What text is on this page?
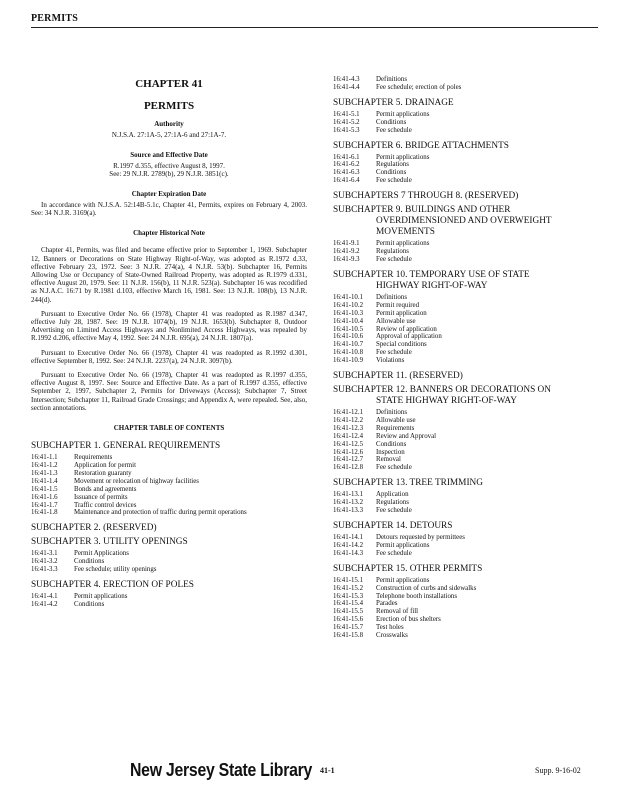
PERMITS

CHAPTER 41

PERMITS

Authority

N.J.S.A. 27:1A-5, 27:1A-6 and 27:1A-7.

Source and Effective Date

R.1997 d.355, effective August 8, 1997.

See: 29 N.J.R. 2789(b), 29 N.J.R. 3851(c).

Chapter Expiration Date

In accordance with N.J.S.A. 52:14B-5.1c, Chapter 41, Permits, expires on February 4, 2003. See: 34 N.J.R. 3169(a).

Chapter Historical Note

Chapter 41, Permits, was filed and became effective prior to September 1, 1969. Subchapter 12, Banners or Decorations on State Highway Right-of-Way, was adopted as R.1972 d.33, effective February 23, 1972. See: 3 N.J.R. 274(a), 4 N.J.R. 53(b). Subchapter 16, Permits Allowing Use or Occupancy of State-Owned Railroad Property, was adopted as R.1979 d.331, effective August 20, 1979. See: 11 N.J.R. 156(b), 11 N.J.R. 523(a). Subchapter 16 was recodified as N.J.A.C. 16:71 by R.1981 d.103, effective March 16, 1981. See: 13 N.J.R. 108(b), 13 N.J.R. 244(d).

Pursuant to Executive Order No. 66 (1978), Chapter 41 was readopted as R.1987 d.347, effective July 28, 1987. See: 19 N.J.R. 1074(b), 19 N.J.R. 1653(b). Subchapter 8, Outdoor Advertising on Limited Access Highways and Nonlimited Access Highways, was repealed by R.1992 d.206, effective May 4, 1992. See: 24 N.J.R. 695(a), 24 N.J.R. 1807(a).

Pursuant to Executive Order No. 66 (1978), Chapter 41 was readopted as R.1992 d.301, effective September 8, 1992. See: 24 N.J.R. 2237(a), 24 N.J.R. 3097(b).

Pursuant to Executive Order No. 66 (1978), Chapter 41 was readopted as R.1997 d.355, effective August 8, 1997. See: Source and Effective Date. As a part of R.1997 d.355, effective September 2, 1997, Subchapter 2, Permits for Driveways (Access); Subchapter 7, Street Intersection; Subchapter 11, Railroad Grade Crossings; and Appendix A, were repealed. See, also, section annotations.

CHAPTER TABLE OF CONTENTS

SUBCHAPTER 1. GENERAL REQUIREMENTS

16:41-1.1	Requirements
16:41-1.2	Application for permit
16:41-1.3	Restoration guaranty
16:41-1.4	Movement or relocation of highway facilities
16:41-1.5	Bonds and agreements
16:41-1.6	Issuance of permits
16:41-1.7	Traffic control devices
16:41-1.8	Maintenance and protection of traffic during permit operations

SUBCHAPTER 2. (RESERVED)

SUBCHAPTER 3. UTILITY OPENINGS

16:41-3.1	Permit Applications
16:41-3.2	Conditions
16:41-3.3	Fee schedule; utility openings

SUBCHAPTER 4. ERECTION OF POLES

16:41-4.1	Permit applications
16:41-4.2	Conditions
16:41-4.3	Definitions
16:41-4.4	Fee schedule; erection of poles

SUBCHAPTER 5. DRAINAGE

16:41-5.1	Permit applications
16:41-5.2	Conditions
16:41-5.3	Fee schedule

SUBCHAPTER 6. BRIDGE ATTACHMENTS

16:41-6.1	Permit applications
16:41-6.2	Regulations
16:41-6.3	Conditions
16:41-6.4	Fee schedule

SUBCHAPTERS 7 THROUGH 8. (RESERVED)

SUBCHAPTER 9. BUILDINGS AND OTHER
OVERDIMENSIONED AND OVERWEIGHT MOVEMENTS

16:41-9.1	Permit applications
16:41-9.2	Regulations
16:41-9.3	Fee schedule

SUBCHAPTER 10. TEMPORARY USE OF STATE
HIGHWAY RIGHT-OF-WAY

16:41-10.1	Definitions
16:41-10.2	Permit required
16:41-10.3	Permit application
16:41-10.4	Allowable use
16:41-10.5	Review of application
16:41-10.6	Approval of application
16:41-10.7	Special conditions
16:41-10.8	Fee schedule
16:41-10.9	Violations

SUBCHAPTER 11. (RESERVED)

SUBCHAPTER 12. BANNERS OR DECORATIONS ON
STATE HIGHWAY RIGHT-OF-WAY

16:41-12.1	Definitions
16:41-12.2	Allowable use
16:41-12.3	Requirements
16:41-12.4	Review and Approval
16:41-12.5	Conditions
16:41-12.6	Inspection
16:41-12.7	Removal
16:41-12.8	Fee schedule

SUBCHAPTER 13. TREE TRIMMING

16:41-13.1	Application
16:41-13.2	Regulations
16:41-13.3	Fee schedule

SUBCHAPTER 14. DETOURS

16:41-14.1	Detours requested by permittees
16:41-14.2	Permit applications
16:41-14.3	Fee schedule

SUBCHAPTER 15. OTHER PERMITS

16:41-15.1	Permit applications
16:41-15.2	Construction of curbs and sidewalks
16:41-15.3	Telephone booth installations
16:41-15.4	Parades
16:41-15.5	Removal of fill
16:41-15.6	Erection of bus shelters
16:41-15.7	Test holes
16:41-15.8	Crosswalks
New Jersey State Library 41-1	Supp. 9-16-02
